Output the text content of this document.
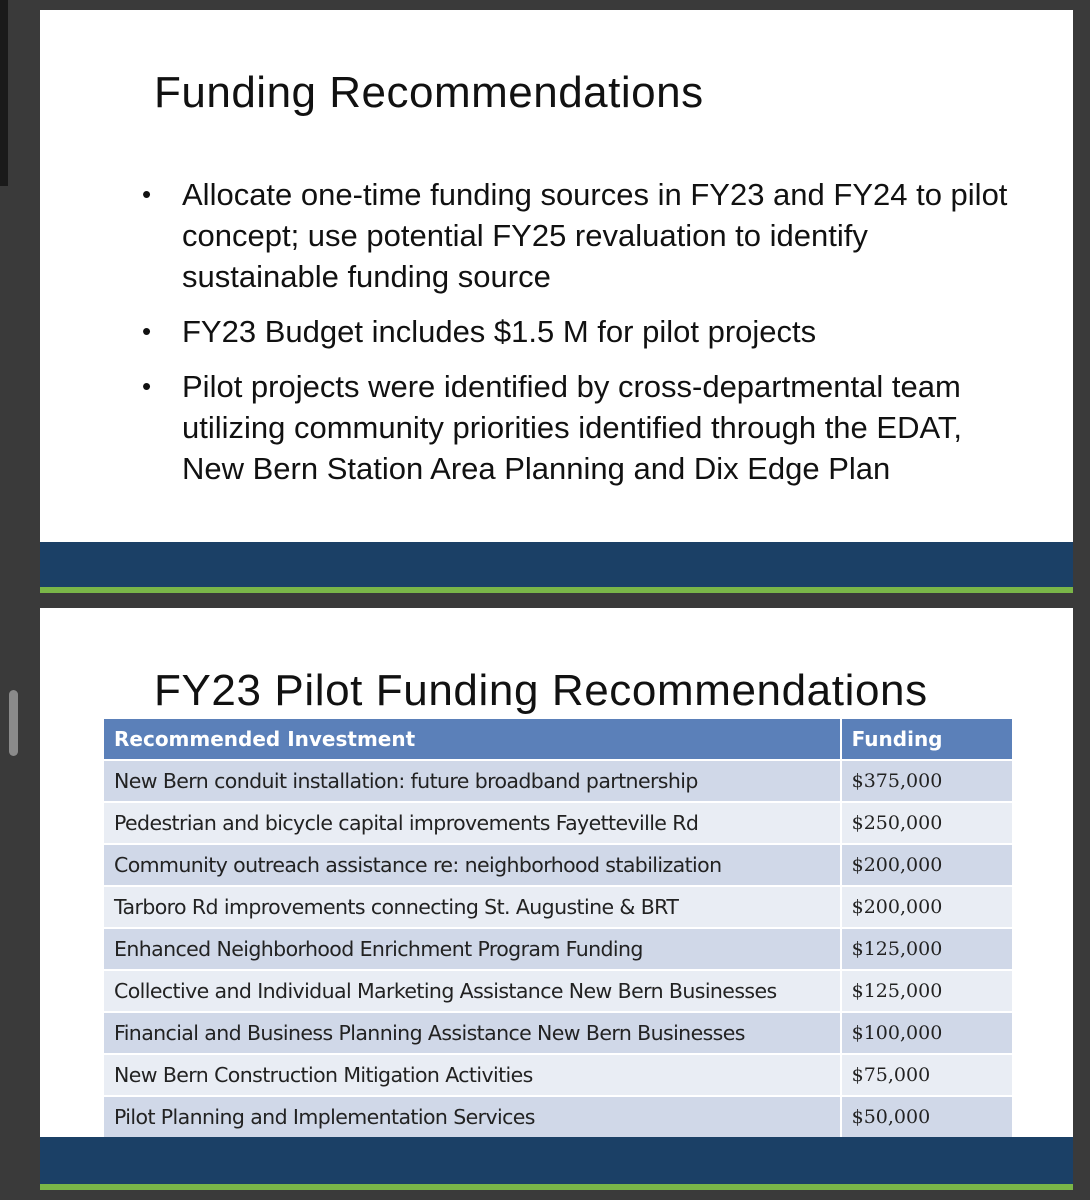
Funding Recommendations
• Allocate one-time funding sources in FY23 and FY24 to pilot concept; use potential FY25 revaluation to identify sustainable funding source
• FY23 Budget includes $1.5 M for pilot projects
• Pilot projects were identified by cross-departmental team utilizing community priorities identified through the EDAT, New Bern Station Area Planning and Dix Edge Plan
FY23 Pilot Funding Recommendations
Recommended Investment	Funding
New Bern conduit installation: future broadband partnership	$375,000
Pedestrian and bicycle capital improvements Fayetteville Rd	$250,000
Community outreach assistance re: neighborhood stabilization	$200,000
Tarboro Rd improvements connecting St. Augustine & BRT	$200,000
Enhanced Neighborhood Enrichment Program Funding	$125,000
Collective and Individual Marketing Assistance New Bern Businesses	$125,000
Financial and Business Planning Assistance New Bern Businesses	$100,000
New Bern Construction Mitigation Activities	$75,000
Pilot Planning and Implementation Services	$50,000
